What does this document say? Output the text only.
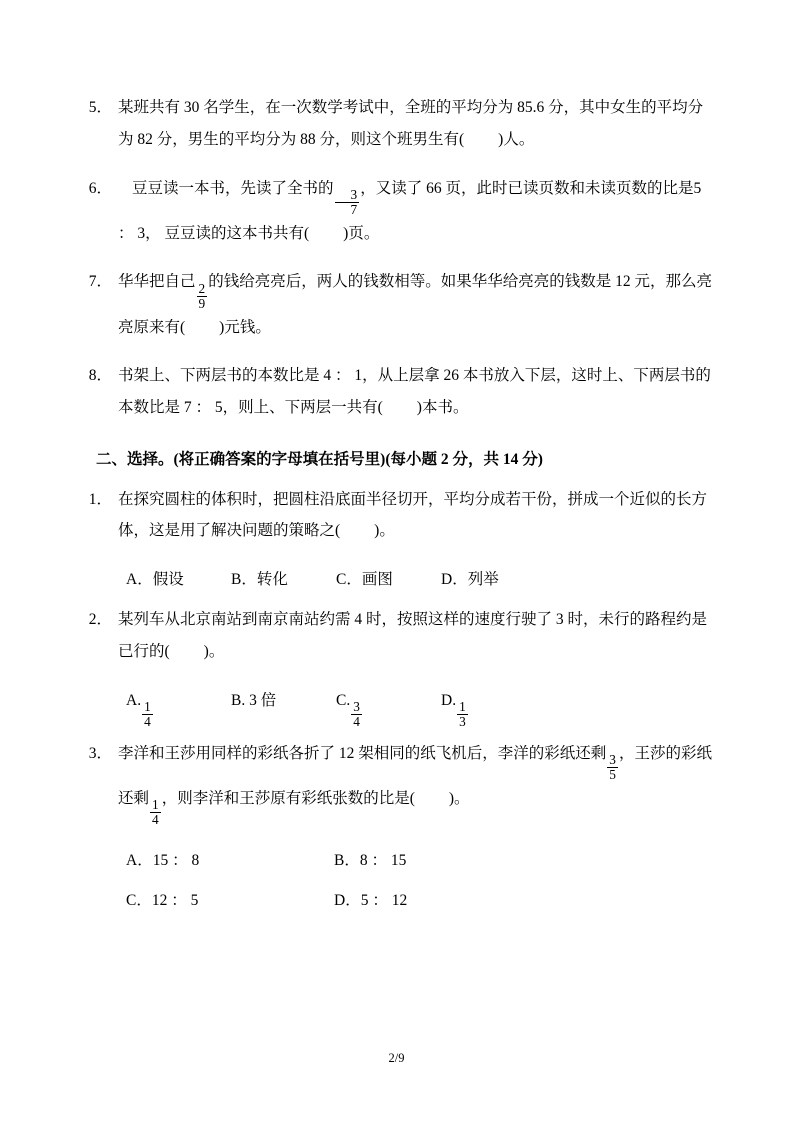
5． 某班共有 30 名学生，在一次数学考试中，全班的平均分为 85.6 分，其中女生的平均分为 82 分，男生的平均分为 88 分，则这个班男生有( )人。
6．	豆豆读一本书，先读了全书的 $\frac{3}{7}$ ，又读了 66 页，此时已读页数和未读页数的比是5 ： 3， 豆豆读的这本书共有( )页。
7． 华华把自己 $\frac{2}{9}$ 的钱给亮亮后，两人的钱数相等。如果华华给亮亮的钱数是 12 元，那么亮亮原来有( )元钱。
8． 书架上、下两层书的本数比是 4 ： 1，从上层拿 26 本书放入下层，这时上、下两层书的本数比是 7 ： 5，则上、下两层一共有( )本书。
二、选择。(将正确答案的字母填在括号里)(每小题 2 分，共 14 分)
1． 在探究圆柱的体积时，把圆柱沿底面半径切开，平均分成若干份，拼成一个近似的长方体，这是用了解决问题的策略之( )。
A．假设	B．转化	C．画图	D．列举
2． 某列车从北京南站到南京南站约需 4 时，按照这样的速度行驶了 3 时，未行的路程约是已行的( )。
A. $\frac{1}{4}$	B. 3 倍	C. $\frac{3}{4}$	D. $\frac{1}{3}$
3． 李洋和王莎用同样的彩纸各折了 12 架相同的纸飞机后，李洋的彩纸还剩 $\frac{3}{5}$ ，王莎的彩纸还剩 $\frac{1}{4}$ ，则李洋和王莎原有彩纸张数的比是( )。
A．15 ： 8	B．8 ： 15
C．12 ： 5	D．5 ： 12
2/9
